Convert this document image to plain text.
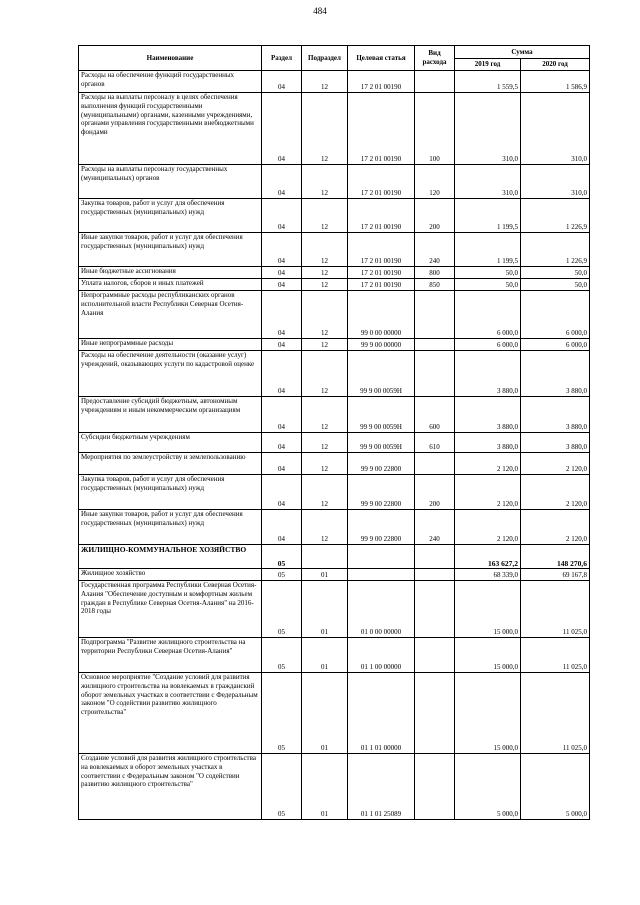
484
Наименование	Раздел	Подраздел	Целевая статья	Вид расхода	Сумма	
					2019 год	2020 год
Расходы на обеспечение функций государственных органов	04	12	17 2 01 00190		1 559,5	1 586,9
Расходы на выплаты персоналу в целях обеспечения выполнения функций государственными (муниципальными) органами, казенными учреждениями, органами управления государственными внебюджетными фондами	04	12	17 2 01 00190	100	310,0	310,0
Расходы на выплаты персоналу государственных (муниципальных) органов	04	12	17 2 01 00190	120	310,0	310,0
Закупка товаров, работ и услуг для обеспечения государственных (муниципальных) нужд	04	12	17 2 01 00190	200	1 199,5	1 226,9
Иные закупки товаров, работ и услуг для обеспечения государственных (муниципальных) нужд	04	12	17 2 01 00190	240	1 199,5	1 226,9
Иные бюджетные ассигнования	04	12	17 2 01 00190	800	50,0	50,0
Уплата налогов, сборов и иных платежей	04	12	17 2 01 00190	850	50,0	50,0
Непрограммные расходы республиканских органов исполнительной власти Республики Северная Осетия-Алания	04	12	99 0 00 00000		6 000,0	6 000,0
Иные непрограммные расходы	04	12	99 9 00 00000		6 000,0	6 000,0
Расходы на обеспечение деятельности (оказание услуг) учреждений, оказывающих услуги по кадастровой оценке	04	12	99 9 00 0059Н		3 880,0	3 880,0
Предоставление субсидий бюджетным, автономным учреждениям и иным некоммерческим организациям	04	12	99 9 00 0059Н	600	3 880,0	3 880,0
Субсидии бюджетным учреждениям	04	12	99 9 00 0059Н	610	3 880,0	3 880,0
Мероприятия по землеустройству и землепользованию	04	12	99 9 00 22800		2 120,0	2 120,0
Закупка товаров, работ и услуг для обеспечения государственных (муниципальных) нужд	04	12	99 9 00 22800	200	2 120,0	2 120,0
Иные закупки товаров, работ и услуг для обеспечения государственных (муниципальных) нужд	04	12	99 9 00 22800	240	2 120,0	2 120,0
ЖИЛИЩНО-КОММУНАЛЬНОЕ ХОЗЯЙСТВО	05				163 627,2	148 270,6
Жилищное хозяйство	05	01			68 339,0	69 167,8
Государственная программа Республики Северная Осетия-Алания "Обеспечение доступным и комфортным жильем граждан в Республике Северная Осетия-Алания" на 2016-2018 годы	05	01	01 0 00 00000		15 000,0	11 025,0
Подпрограмма "Развитие жилищного строительства на территории Республики Северная Осетия-Алания"	05	01	01 1 00 00000		15 000,0	11 025,0
Основное мероприятие "Создание условий для развития жилищного строительства на вовлекаемых в гражданский оборот земельных участках в соответствии с Федеральным законом "О содействии развитию жилищного строительства"	05	01	01 1 01 00000		15 000,0	11 025,0
Создание условий для развития жилищного строительства на вовлекаемых в оборот земельных участках в соответствии с Федеральным законом "О содействии развитию жилищного строительства"	05	01	01 1 01 25089		5 000,0	5 000,0
